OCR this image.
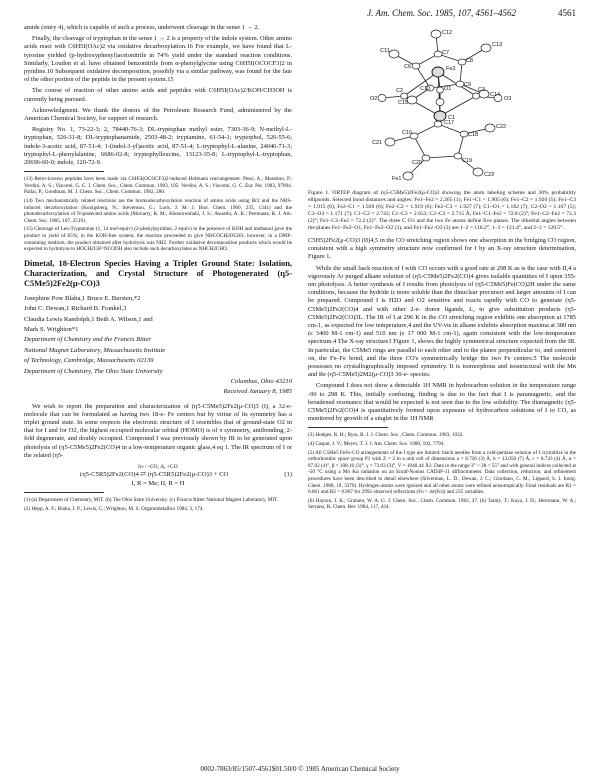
J. Am. Chem. Soc. 1985, 107, 4561–4562	4561

amide (entry 4), which is capable of such a process, underwent cleavage in the sense 1 → 2.

Finally, the cleavage of tryptophan in the sense 1 → 2 is a property of the indole system. Other amino acids react with C6H5I(OAc)2 via oxidative decarboxylation.16 For example, we have found that L-tyrosine yielded (p-hydroxyphenyl)acetonitrile in 74% yield under the standard reaction conditions. Similarly, Loudon et al. have obtained benzonitrile from α-phenylglycine using C6H5I(OCOCF3)2 in pyridine.10 Subsequent oxidative decomposition, possibly via a similar pathway, was found for the fate of the other portion of the peptide in the present system.15

The course of reaction of other amino acids and peptides with C6H5I(OAc)2/KOH/CH3OH is currently being pursued.

Acknowledgment. We thank the donors of the Petroleum Research Fund, administered by the American Chemical Society, for support of research.

Registry No. 1, 73-22-3; 2, 78440-76-3; DL-tryptophan methyl ester, 7303-36-9; N-methyl-L-tryptophan, 526-31-8; DL-tryptophanamide, 2503-48-2; tryptamine, 61-54-1; tryptophol, 526-55-6; indole-3-acetic acid, 87-51-4; 1-(indol-3-yl)acetic acid, 87-51-4; L-tryptophyl-L-alanine, 24046-71-3; tryptophyl-L-phenylalanine, 6686-02-8; tryptophylleucine, 13123-35-8; L-tryptophyl-L-tryptophan, 20696-60-0; indole, 120-72-9.

(13) Retro-inverso peptides have been made via C6H5I(OCOCF3)2-induced Hofmann rearrangement. Pessi, A.; Massimo, P.; Verdini, A. S.; Viscomi, G. C. J. Chem. Soc., Chem. Commun. 1983, 195. Verdini, A. S.; Viscomi, G. C. Eur. Pat. 1983, 97994. Pallai, P.; Goodman, M. J. Chem. Soc., Chem. Commun. 1982, 280.

(14) Two mechanistically related reactions are the bromodecarboxylation reaction of amino acids using Br2 and the NBS-induced decarboxylation (Konigsberg, N.; Stevenson, G.; Luck, J. M. J. Biol. Chem. 1960, 235, 1341) and the photodecarboxylation of N-protected amino acids (Moriarty, R. M.; Khosrowshahi, J. S.; Awasthi, A. K.; Penmasta, R. J. Am. Chem. Soc. 1985, 107, 2519).

(15) Cleavage of Leu-Tryptamine (1, 14 mol-equiv) (2-phenylpyridine, 2 equiv) in the presence of KOH and methanol gave the product in yield of 65%; in the KOH-free system, the reaction proceeded to give NHCOCH2OCH3; however, in a DMF-containing medium, the product obtained after hydrolysis was NH2. Further oxidative decomposition products which would be expected to hydrolyze to HOCH2CH=NCOOH also include such decarboxylates as NHCH2CHO.

Dimetal, 18-Electron Species Having a Triplet Ground State: Isolation, Characterization, and Crystal Structure of Photogenerated (η5-C5Me5)2Fe2(μ-CO)3

Josephine Pow Blaha,1 Bruce E. Bursten,*2

John C. Dewan,1 Richard B. Frankel,3

Claudia Lewis Randolph,1 Beth A. Wilson,1 and

Mark S. Wrighton*1

Department of Chemistry and the Francis Bitter

National Magnet Laboratory, Massachusetts Institute

of Technology, Cambridge, Massachusetts 02139

Department of Chemistry, The Ohio State University

Columbus, Ohio 43210

Received January 8, 1985

We wish to report the preparation and characterization of (η5-C5Me5)2Fe2(μ-CO)3 (I), a 32-e- molecule that can be formulated as having two 18-e- Fe centers but by virtue of its symmetry has a triplet ground state. In some respects the electronic structure of I resembles that of ground-state O2 in that for I and for O2, the highest occupied molecular orbital (HOMO) is of π symmetry, antibonding, 2-fold degenerate, and doubly occupied. Compound I was previously shown by IR to be generated upon photolysis of (η5-C5Me5)2Fe2(CO)4 in a low-temperature organic glass,4 eq 1. The IR spectrum of I or the related (η5-

hν / -CO, Δ, +CO
(η5-C5R5)2Fe2(CO)4 ⇄ (η5-C5R5)2Fe2(μ-CO)3 + CO	(1)
I, R = Me; II, R = H

(1) (a) Department of Chemistry, MIT. (b) The Ohio State University. (c) Francis Bitter National Magnet Laboratory, MIT.

(2) Hepp, A. F.; Blaha, J. P.; Lewis, C.; Wrighton, M. S. Organometallics 1984, 3, 174.

C6
C7
C8
C9
C10
C11
C12
C13
C14
C15
C16
C17
C18
C19
C20
C21
C22
C23
Fe1
Fe2
C1
C2	C3
O1
O2	O3

Figure 1. ORTEP diagram of (η5-C5Me5)2Fe2(μ-CO)3 showing the atom labeling scheme and 30% probability ellipsoids. Selected bond distances and angles: Fe1–Fe2 = 2.265 (1); Fe1–C1 = 1.905 (6); Fe1–C2 = 1.920 (5); Fe1–C3 = 1.915 (6); Fe2–C1 = 1.928 (6); Fe2–C2 = 1.919 (6); Fe2–C3 = 1.927 (7); C1–O1 = 1.182 (7); C2–O2 = 1.167 (5); C3–O3 = 1.171 (7); C1–C2 = 2.743; C1–C3 = 2.653; C2–C3 = 2.715 Å; Fe1–C1–Fe2 = 72.8 (2)°; Fe1–C2–Fe2 = 72.3 (2)°; Fe1–C3–Fe2 = 72.2 (2)°. The three C O's and the two Fe atoms define five planes. The dihedral angles between the planes Fe1–Fe2–O1, Fe1–Fe2–O2 (3), and Fe1–Fe2–O3 (3) are 1–2 = 118.2°, 1–3 = 121.4°, and 2–3 = 120.5°.

C5H5)2Fe2(μ-CO)3 (II)4,5 in the CO stretching region shows one absorption in the bridging CO region, consistent with a high symmetry structure now confirmed for I by an X-ray structure determination, Figure 1.

While the small back reaction of I with CO occurs with a good rate at 298 K as is the case with II,4 a vigorously Ar purged alkane solution of (η5-C5Me5)2Fe2(CO)4 gives isolable quantities of I upon 355-nm photolysis. A better synthesis of I results from photolysis of (η5-C5Me5)Fe(CO)2H under the same conditions, because the hydride is more soluble than the dinuclear precursor and larger amounts of I can be prepared. Compound I is H2O and O2 sensitive and reacts rapidly with CO to generate (η5-C5Me5)2Fe2(CO)4 and with other 2-e- donor ligands, L, to give substitution products (η5-C5Me5)2Fe2(CO)3L. The IR of I at 296 K in the CO stretching region exhibits one absorption at 1785 cm-1, as expected for low temperature,4 and the UV-vis in alkane exhibits absorption maxima at 380 nm (ε 3400 M-1 cm-1) and 510 nm (ε 17 000 M-1 cm-1), again consistent with the low-temperature spectrum.4 The X-ray structure3 Figure 1, shows the highly symmetrical structure expected from the IR. In particular, the C5Me5 rings are parallel to each other and to the planes perpendicular to, and centered on, the Fe–Fe bond, and the three CO's symmetrically bridge the two Fe centers.5 The molecule possesses no crystallographically imposed symmetry. It is isomorphous and isostructural with the Mn and Re (η5-C5Me5)2M2(μ-CO)3 30-e- species.

Compound I does not show a detectable 1H NMR in hydrocarbon solution in the temperature range -90 to 298 K. This, initially confusing, finding is due to the fact that I is paramagnetic, and the broadened resonance that would be expected is not seen due to the low solubility. The diamagnetic (η5-C5Me5)2Fe2(CO)4 is quantitatively formed upon exposure of hydrocarbon solutions of I to CO, as monitored by growth of a singlet in the 1H NMR

(3) Hodges, R. H.; Ryss, R. J. J. Chem. Soc., Chem. Commun. 1983, 1032.

(4) Caspar, J. V.; Meyer, T. J. J. Am. Chem. Soc. 1980, 102, 7794.

(5) All C5Me5 FeFe-CO arrangements of the I type are limited: black needles from a cold-pentane solution of I crystallize in the orthorhombic space group P1 with Z = 2 in a unit cell of dimensions a = 8.736 (3) Å, b = 13.050 (7) Å, c = 8.743 (4) Å, α = 87.02 (4)°, β = 108.16 (3)°, γ = 73.03 (3)°, V = 1040.44 Å3. Data in the range 3° < 2θ < 55° and with general indices collected at -50 °C using a Mo Kα radiation on an Enraf-Nonius CAD4F-11 diffractometer. Data collection, reduction, and refinement procedures have been described in detail elsewhere (Silverman, L. D.; Dewan, J. C.; Giordano, C. M.; Lippard, S. J. Inorg. Chem. 1980, 19, 3379). Hydrogen atoms were ignored and all other atoms were refined anisotropically. Final residuals are R1 = 0.061 and R2 = 0.067 for 2992 observed reflections (Fo > 4σ(Fo)) and 235 variables.

(6) Hayton, J. K.; Graham, W. A. G. J. Chem. Soc., Chem. Commun. 1982, 37. (b) Tarnly, T.; Kaya, J. D.; Herrmann, W. A.; Serrano, R. Chem. Ber. 1984, 117, 434.

0002-7863/85/1507-4561$01.50/0 © 1985 American Chemical Society
